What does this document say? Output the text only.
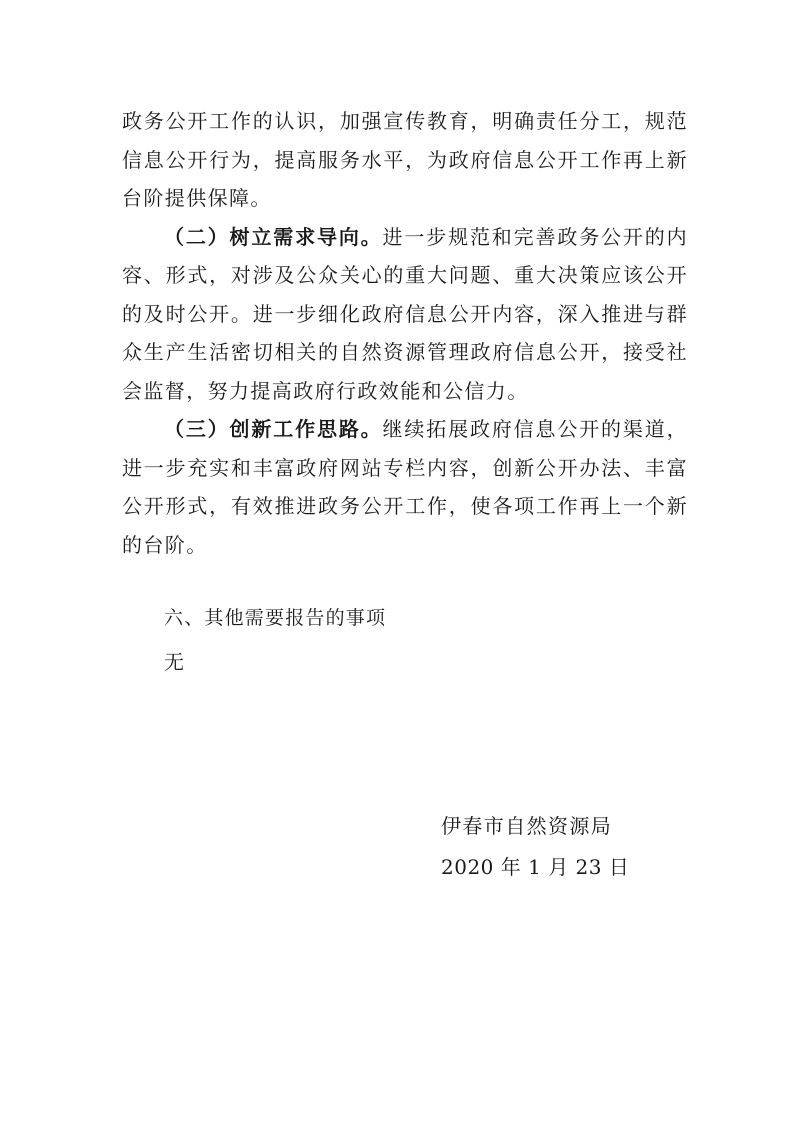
政务公开工作的认识，加强宣传教育，明确责任分工，规范信息公开行为，提高服务水平，为政府信息公开工作再上新台阶提供保障。

（二）树立需求导向。进一步规范和完善政务公开的内容、形式，对涉及公众关心的重大问题、重大决策应该公开的及时公开。进一步细化政府信息公开内容，深入推进与群众生产生活密切相关的自然资源管理政府信息公开，接受社会监督，努力提高政府行政效能和公信力。

（三）创新工作思路。继续拓展政府信息公开的渠道，进一步充实和丰富政府网站专栏内容，创新公开办法、丰富公开形式，有效推进政务公开工作，使各项工作再上一个新的台阶。

六、其他需要报告的事项
无
伊春市自然资源局
2020 年 1 月 23 日
